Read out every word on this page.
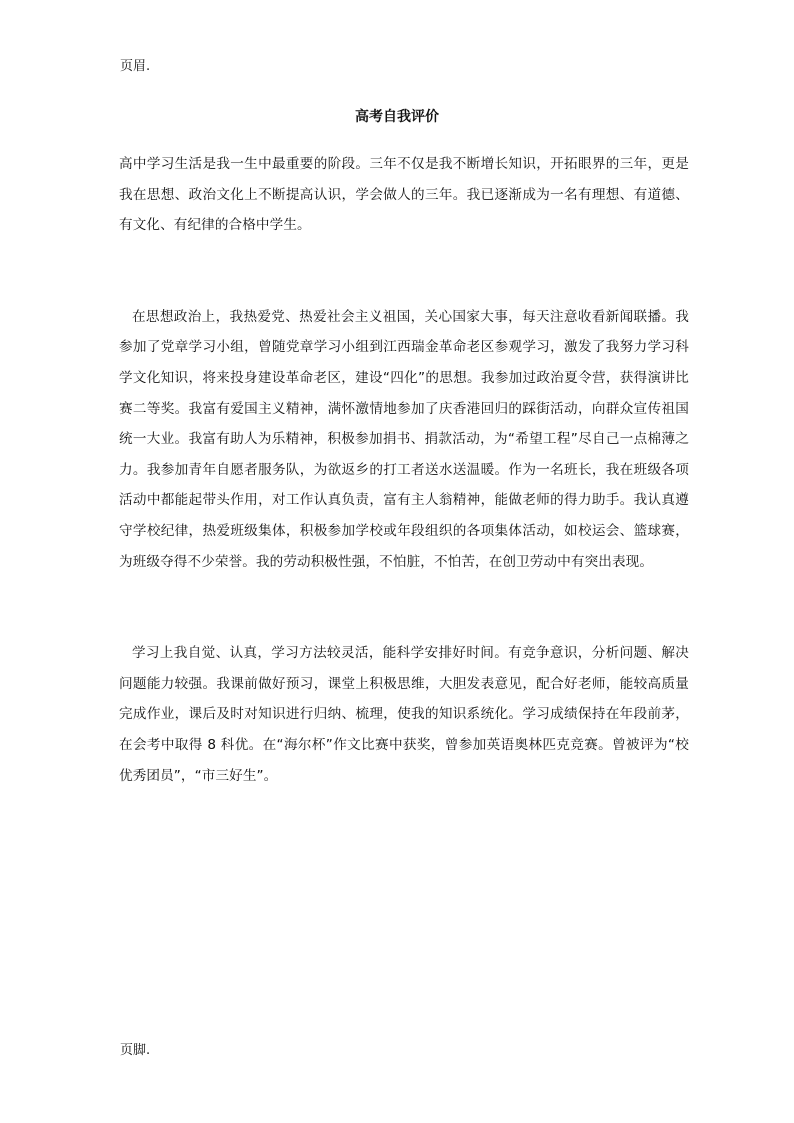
页眉.
高考自我评价

高中学习生活是我一生中最重要的阶段。三年不仅是我不断增长知识，开拓眼界的三年，更是我在思想、政治文化上不断提高认识，学会做人的三年。我已逐渐成为一名有理想、有道德、有文化、有纪律的合格中学生。

在思想政治上，我热爱党、热爱社会主义祖国，关心国家大事，每天注意收看新闻联播。我参加了党章学习小组，曾随党章学习小组到江西瑞金革命老区参观学习，激发了我努力学习科学文化知识，将来投身建设革命老区，建设“四化”的思想。我参加过政治夏令营，获得演讲比赛二等奖。我富有爱国主义精神，满怀激情地参加了庆香港回归的踩街活动，向群众宣传祖国统一大业。我富有助人为乐精神，积极参加捐书、捐款活动，为“希望工程”尽自己一点棉薄之力。我参加青年自愿者服务队，为欲返乡的打工者送水送温暖。作为一名班长，我在班级各项活动中都能起带头作用，对工作认真负责，富有主人翁精神，能做老师的得力助手。我认真遵守学校纪律，热爱班级集体，积极参加学校或年段组织的各项集体活动，如校运会、篮球赛，为班级夺得不少荣誉。我的劳动积极性强，不怕脏，不怕苦，在创卫劳动中有突出表现。

学习上我自觉、认真，学习方法较灵活，能科学安排好时间。有竞争意识，分析问题、解决问题能力较强。我课前做好预习，课堂上积极思维，大胆发表意见，配合好老师，能较高质量完成作业，课后及时对知识进行归纳、梳理，使我的知识系统化。学习成绩保持在年段前茅，在会考中取得 8 科优。在“海尔杯”作文比赛中获奖，曾参加英语奥林匹克竞赛。曾被评为“校优秀团员”，“市三好生”。

页脚.
